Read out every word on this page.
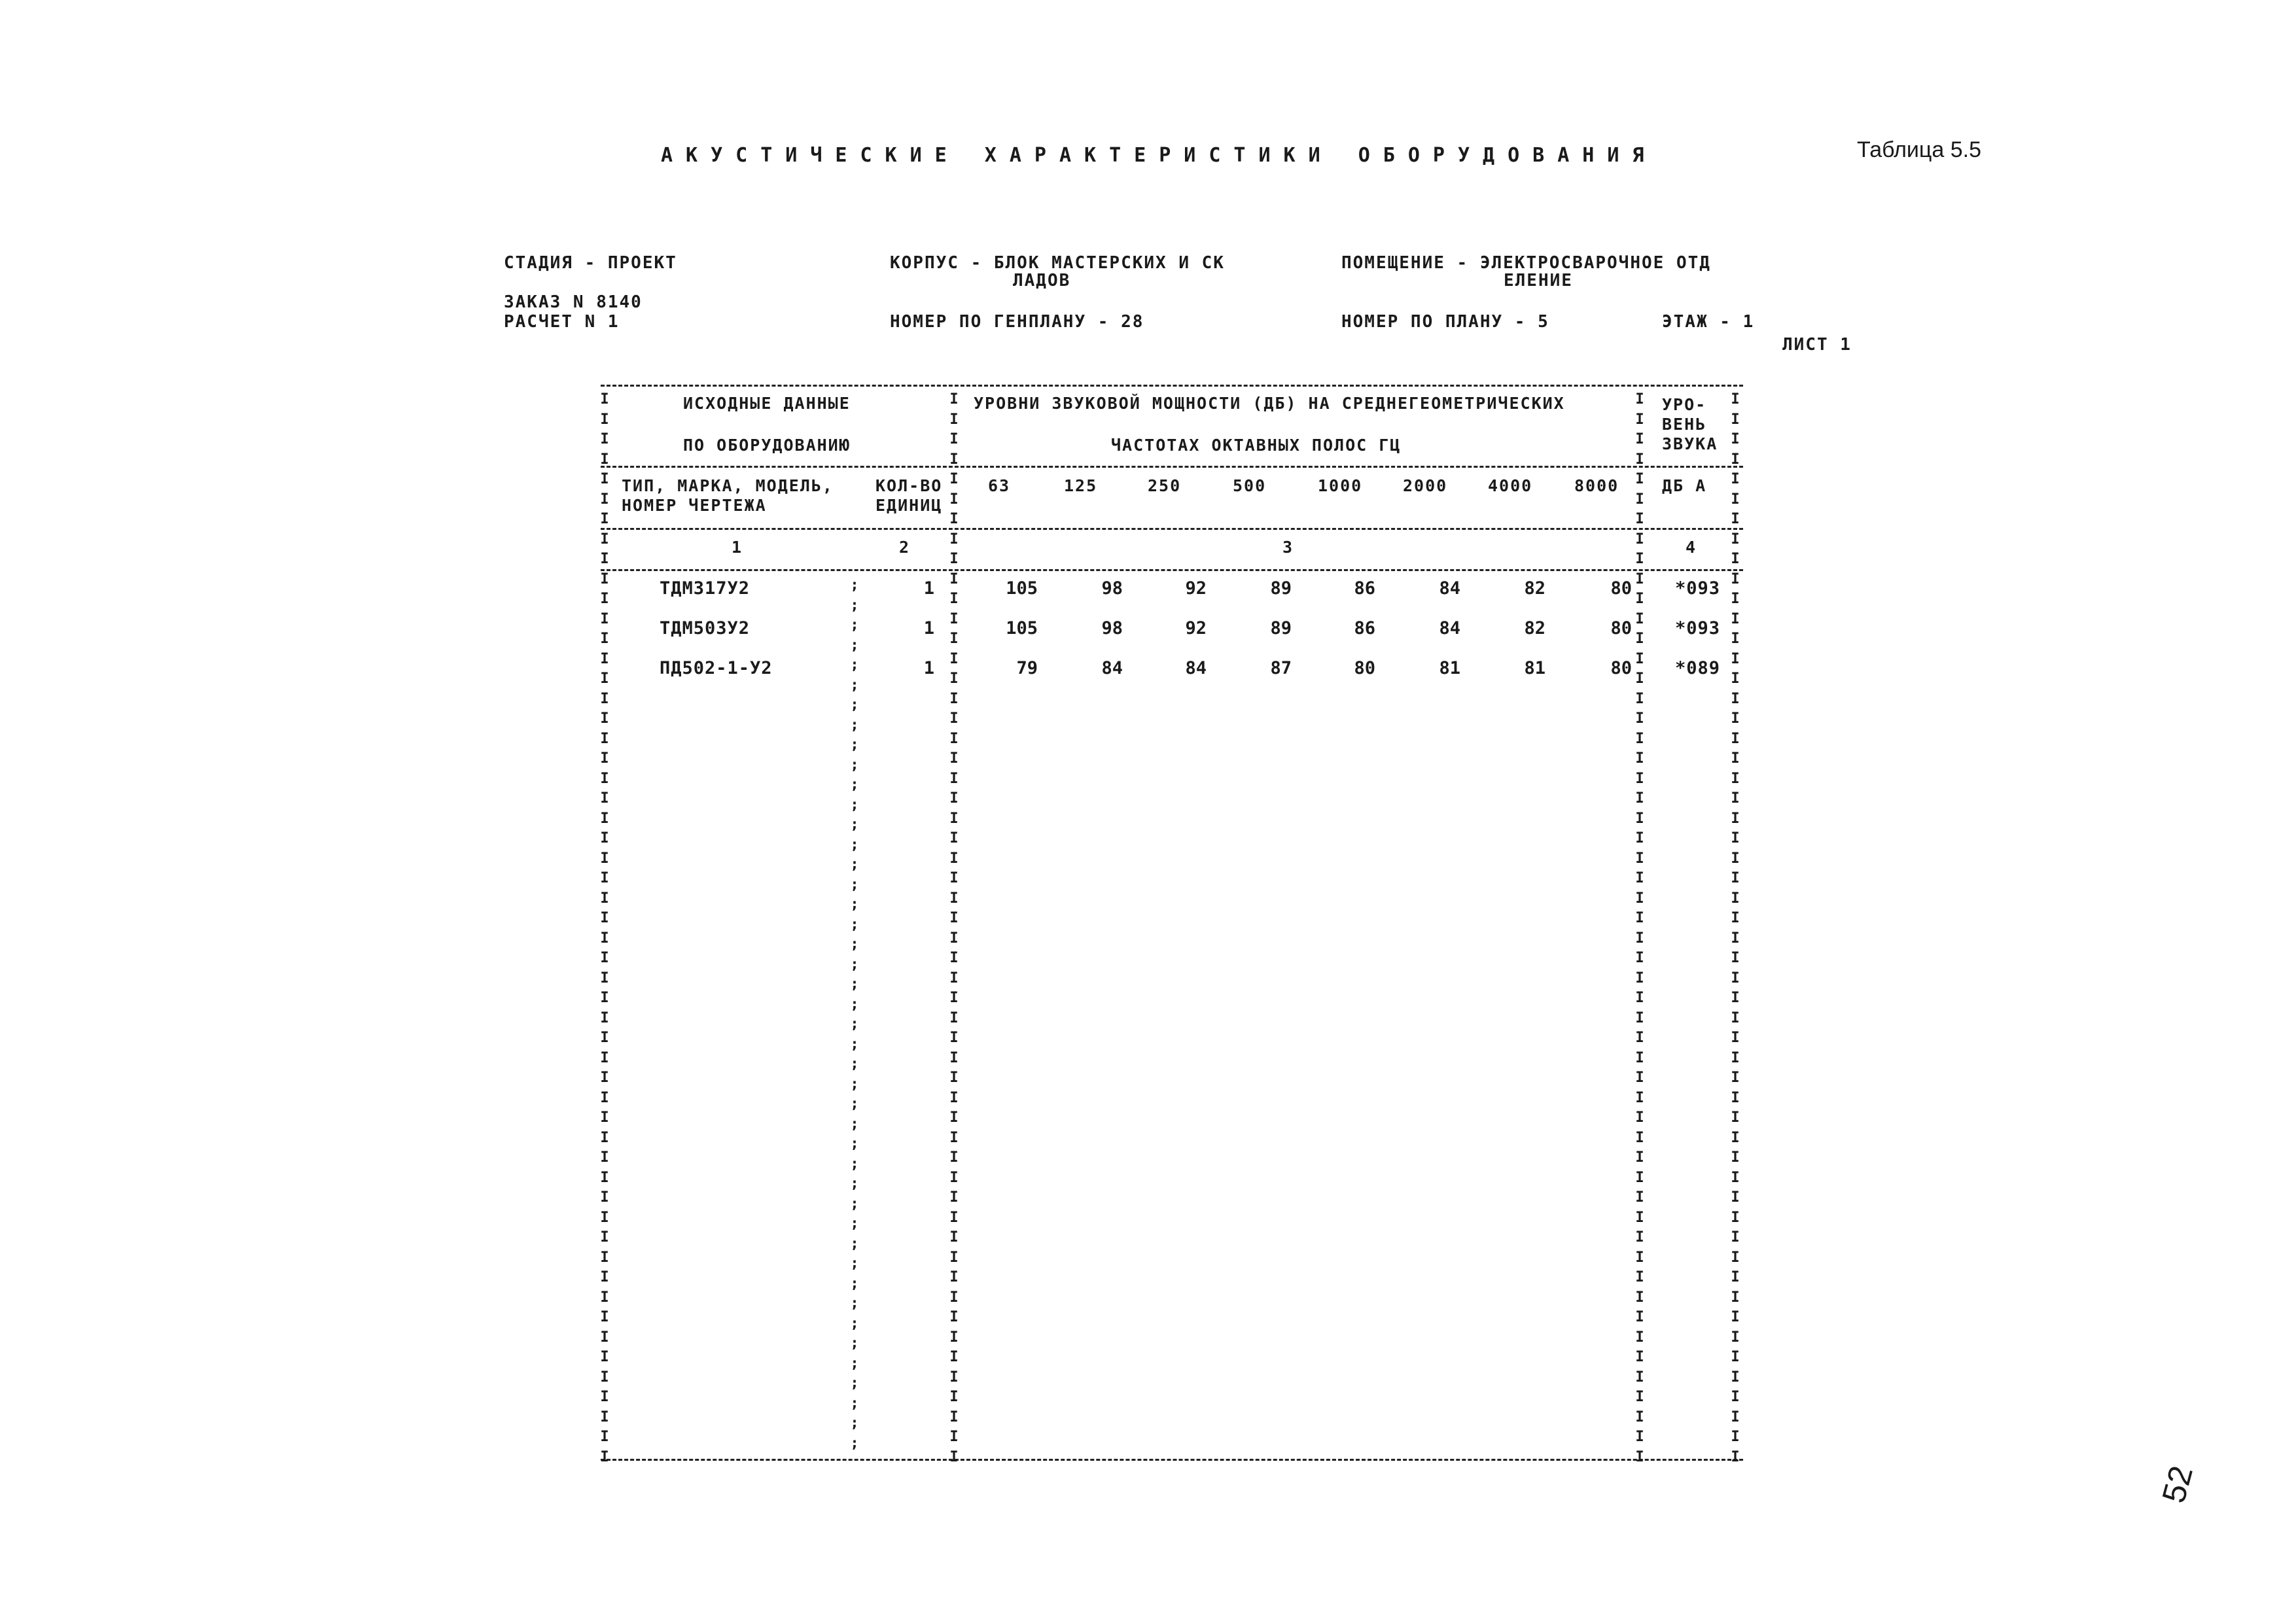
АКУСТИЧЕСКИЕ ХАРАКТЕРИСТИКИ ОБОРУДОВАНИЯ	Таблица 5.5
СТАДИЯ - ПРОЕКТ
ЗАКАЗ N 8140
РАСЧЕТ N 1
КОРПУС - БЛОК МАСТЕРСКИХ И СК
ЛАДОВ
НОМЕР ПО ГЕНПЛАНУ - 28
ПОМЕЩЕНИЕ - ЭЛЕКТРОСВАРОЧНОЕ ОТД
ЕЛЕНИЕ
НОМЕР ПО ПЛАНУ - 5	ЭТАЖ - 1
ЛИСТ 1
I
I
I
I
I
I
I
I
I
I
I
I
I
I
I
I
I
I
I
I
I
I
I
I
I
I
I
I
I
I
I
I
I
I
I
I
I
I
I
I
I
I
I
I
I
I
I
I
I
I
I
I
I
I
;
;
;
;
;
;
;
;
;
;
;
;
;
;
;
;
;
;
;
;
;
;
;
;
;
;
;
;
;
;
;
;
;
;
;
;
;
;
;
;
;
;
;
;
I
I
I
I
I
I
I
I
I
I
I
I
I
I
I
I
I
I
I
I
I
I
I
I
I
I
I
I
I
I
I
I
I
I
I
I
I
I
I
I
I
I
I
I
I
I
I
I
I
I
I
I
I
I
I
I
I
I
I
I
I
I
I
I
I
I
I
I
I
I
I
I
I
I
I
I
I
I
I
I
I
I
I
I
I
I
I
I
I
I
I
I
I
I
I
I
I
I
I
I
I
I
I
I
I
I
I
I
I
I
I
I
I
I
I
I
I
I
I
I
I
I
I
I
I
I
I
I
I
I
I
I
I
I
I
I
I
I
I
I
I
I
I
I
I
I
I
I
I
I
I
I
I
I
I
I
I
I
I
I
I
I
ИСХОДНЫЕ ДАННЫЕ
ПО ОБОРУДОВАНИЮ
УРОВНИ ЗВУКОВОЙ МОЩНОСТИ (ДБ) НА СРЕДНЕГЕОМЕТРИЧЕСКИХ
ЧАСТОТАХ ОКТАВНЫХ ПОЛОС ГЦ
УРО-
ВЕНЬ
ЗВУКА
ТИП, МАРКА, МОДЕЛЬ,
НОМЕР ЧЕРТЕЖА
КОЛ-ВО
ЕДИНИЦ
ДБ А
63	125	250	500	1000 2000 4000	8000
1	2	3	4
ТДМ317У2	1	105	98	92	89	86	84	82	80 *093
ТДМ503У2	1	105	98	92	89	86	84	82	80 *093
ПД502-1-У2	1	79	84	84	87	80	81	81	80 *089
52
